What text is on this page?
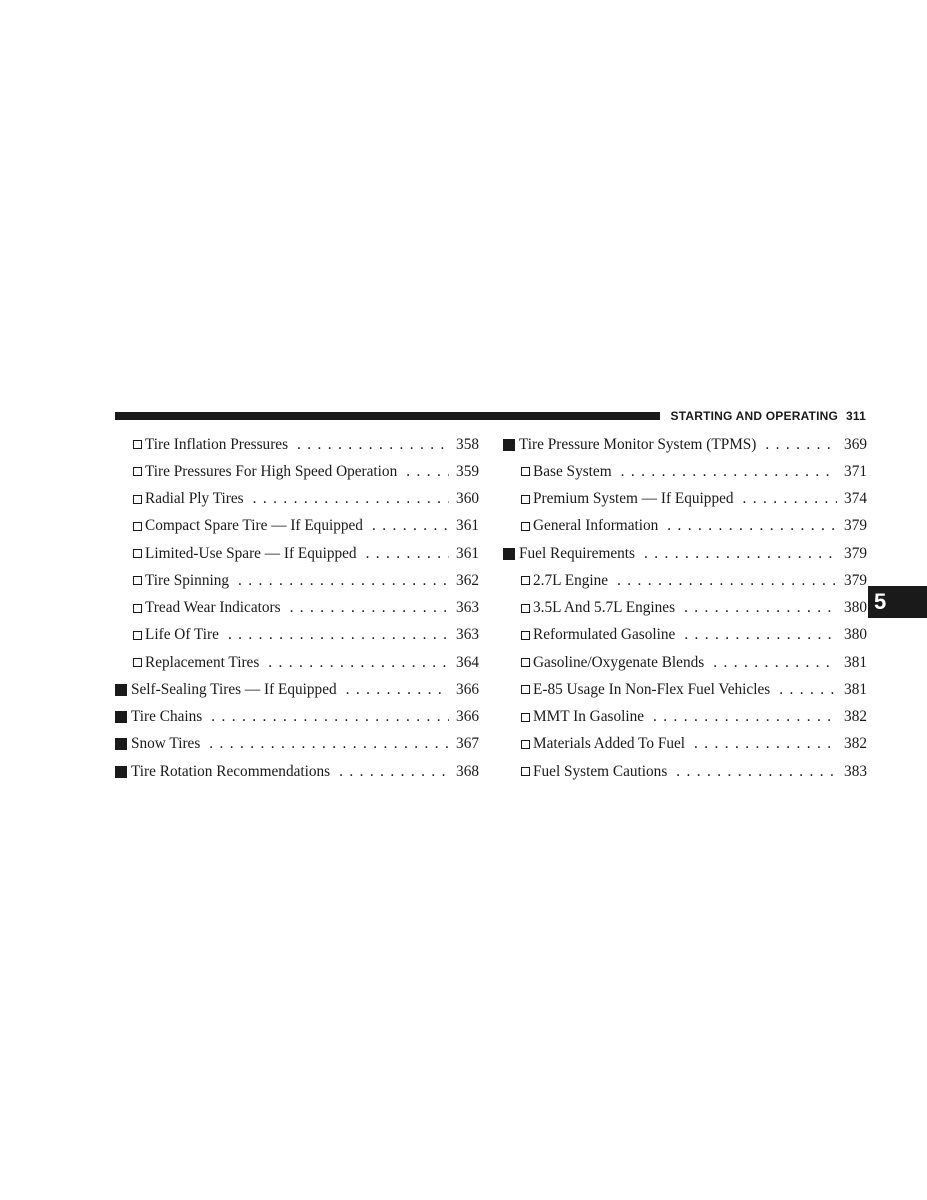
STARTING AND OPERATING 311
Tire Inflation Pressures . . .	358
Tire Pressures For High Speed Operation . . .	359
Radial Ply Tires . . .	360
Compact Spare Tire — If Equipped . . .	361
Limited-Use Spare — If Equipped . . .	361
Tire Spinning . . .	362
Tread Wear Indicators . . .	363
Life Of Tire . . .	363
Replacement Tires . . .	364
Self-Sealing Tires — If Equipped . . .	366
Tire Chains . . .	366
Snow Tires . . .	367
Tire Rotation Recommendations . . .	368
Tire Pressure Monitor System (TPMS) . . .	369
Base System . . .	371
Premium System — If Equipped . . .	374
General Information . . .	379
Fuel Requirements . . .	379
2.7L Engine . . .	379
3.5L And 5.7L Engines . . .	380
Reformulated Gasoline . . .	380
Gasoline/Oxygenate Blends . . .	381
E-85 Usage In Non-Flex Fuel Vehicles . . .	381
MMT In Gasoline . . .	382
Materials Added To Fuel . . .	382
Fuel System Cautions . . .	383
5
